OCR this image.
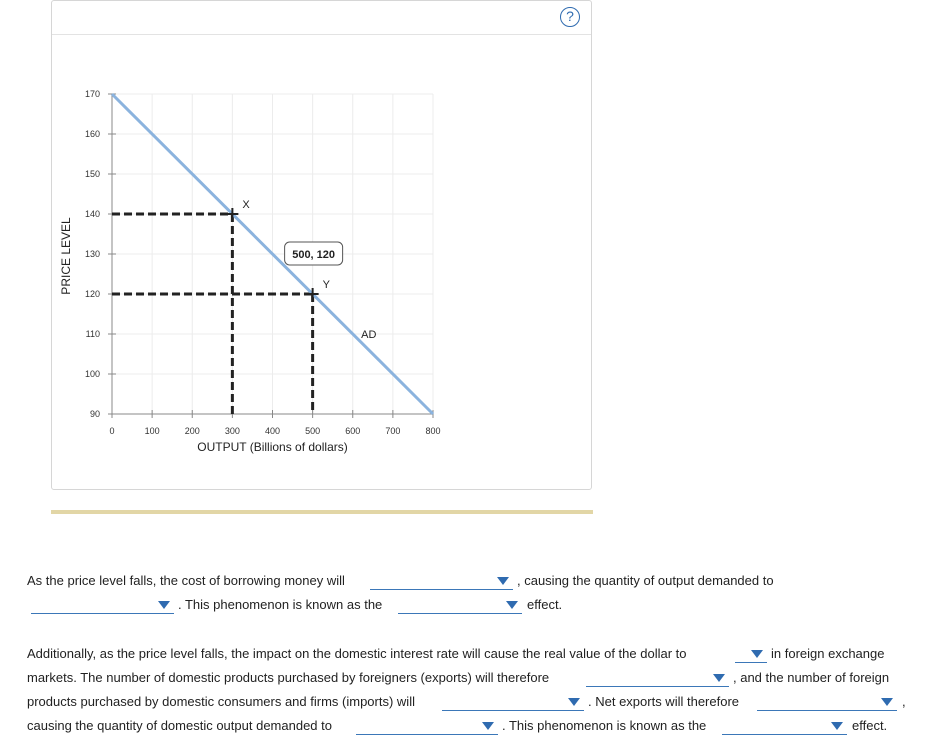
?
0	100	200	300	400	500	600	700	800
90
100
110
120
130
140
150
160
170
OUTPUT (Billions of dollars)
PRICE LEVEL
AD
X
Y
500, 120
As the price level falls, the cost of borrowing money will	, causing the quantity of output demanded to
. This phenomenon is known as the	effect.
Additionally, as the price level falls, the impact on the domestic interest rate will cause the real value of the dollar to	in foreign exchange
markets. The number of domestic products purchased by foreigners (exports) will therefore	, and the number of foreign
products purchased by domestic consumers and firms (imports) will	. Net exports will therefore	,
causing the quantity of domestic output demanded to	. This phenomenon is known as the	effect.
